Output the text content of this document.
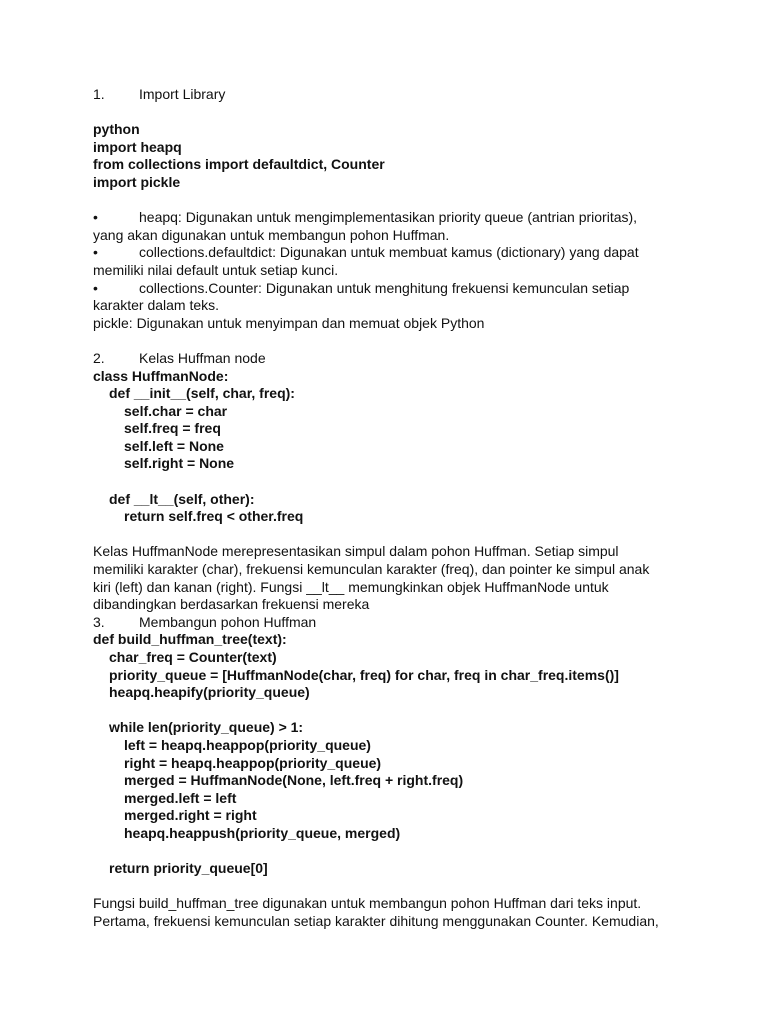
1. Import Library
python
import heapq
from collections import defaultdict, Counter
import pickle
•	heapq: Digunakan untuk mengimplementasikan priority queue (antrian prioritas),
yang akan digunakan untuk membangun pohon Huffman.
•	collections.defaultdict: Digunakan untuk membuat kamus (dictionary) yang dapat
memiliki nilai default untuk setiap kunci.
•	collections.Counter: Digunakan untuk menghitung frekuensi kemunculan setiap
karakter dalam teks.
pickle: Digunakan untuk menyimpan dan memuat objek Python
2. Kelas Huffman node
class HuffmanNode:
def __init__(self, char, freq):
self.char = char
self.freq = freq
self.left = None
self.right = None
def __lt__(self, other):
return self.freq < other.freq
Kelas HuffmanNode merepresentasikan simpul dalam pohon Huffman. Setiap simpul
memiliki karakter (char), frekuensi kemunculan karakter (freq), dan pointer ke simpul anak
kiri (left) dan kanan (right). Fungsi __lt__ memungkinkan objek HuffmanNode untuk
dibandingkan berdasarkan frekuensi mereka
3. Membangun pohon Huffman
def build_huffman_tree(text):
char_freq = Counter(text)
priority_queue = [HuffmanNode(char, freq) for char, freq in char_freq.items()]
heapq.heapify(priority_queue)
while len(priority_queue) > 1:
left = heapq.heappop(priority_queue)
right = heapq.heappop(priority_queue)
merged = HuffmanNode(None, left.freq + right.freq)
merged.left = left
merged.right = right
heapq.heappush(priority_queue, merged)
return priority_queue[0]
Fungsi build_huffman_tree digunakan untuk membangun pohon Huffman dari teks input.
Pertama, frekuensi kemunculan setiap karakter dihitung menggunakan Counter. Kemudian,
